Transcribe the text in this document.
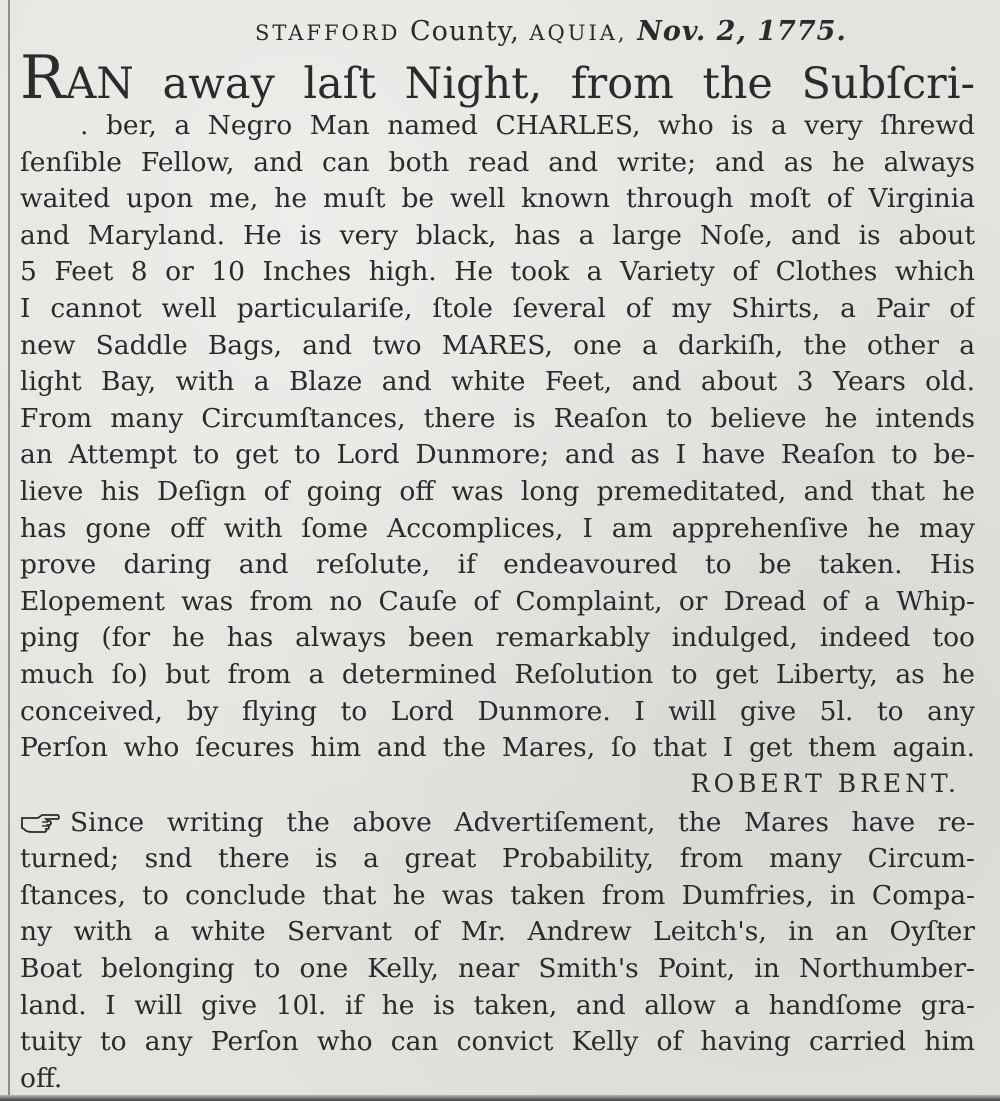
STAFFORD County, AQUIA, Nov. 2, 1775.
RAN away laſt Night, from the Subſcri-
. ber, a Negro Man named CHARLES, who is a very ſhrewd
ſenſible Fellow, and can both read and write; and as he always
waited upon me, he muſt be well known through moſt of Virginia
and Maryland. He is very black, has a large Noſe, and is about
5 Feet 8 or 10 Inches high. He took a Variety of Clothes which
I cannot well particulariſe, ſtole ſeveral of my Shirts, a Pair of
new Saddle Bags, and two MARES, one a darkiſh, the other a
light Bay, with a Blaze and white Feet, and about 3 Years old.
From many Circumſtances, there is Reaſon to believe he intends
an Attempt to get to Lord Dunmore; and as I have Reaſon to be-
lieve his Deſign of going off was long premeditated, and that he
has gone off with ſome Accomplices, I am apprehenſive he may
prove daring and reſolute, if endeavoured to be taken. His
Elopement was from no Cauſe of Complaint, or Dread of a Whip-
ping (for he has always been remarkably indulged, indeed too
much ſo) but from a determined Reſolution to get Liberty, as he
conceived, by flying to Lord Dunmore. I will give 5l. to any
Perſon who ſecures him and the Mares, ſo that I get them again.
ROBERT BRENT.
Since writing the above Advertiſement, the Mares have re-
turned; snd there is a great Probability, from many Circum-
ſtances, to conclude that he was taken from Dumfries, in Compa-
ny with a white Servant of Mr. Andrew Leitch's, in an Oyſter
Boat belonging to one Kelly, near Smith's Point, in Northumber-
land. I will give 10l. if he is taken, and allow a handſome gra-
tuity to any Perſon who can convict Kelly of having carried him
off.
